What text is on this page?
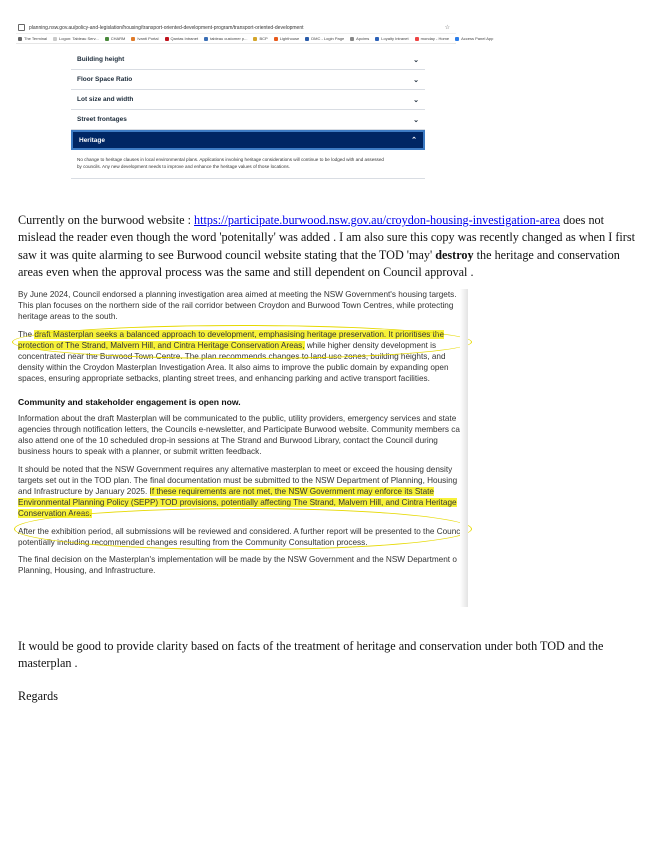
planning.nsw.gov.au/policy-and-legislation/housing/transport-oriented-development-program/transport-oriented-development	☆
The Terminal	Logon: Tableau Serv...	CHARM	Ivanti Portal	Qantas Intranet	tableau customer p...	BCP	Lighthouse	DMC - Login Page	Apcims	Loyalty Intranet	monday - Home	Access Panel App
Building height	⌄
Floor Space Ratio	⌄
Lot size and width	⌄
Street frontages	⌄
Heritage	⌃
No change to heritage clauses in local environmental plans. Applications involving heritage considerations will continue to be lodged with and assessed
by councils. Any new development needs to improve and enhance the heritage values of those locations.
Currently on the burwood website : https://participate.burwood.nsw.gov.au/croydon-housing-investigation-area does not mislead the reader even though the word 'potenitally' was added . I am also sure this copy was recently changed as when I first saw it was quite alarming to see Burwood council website stating that the TOD 'may' destroy the heritage and conservation areas even when the approval process was the same and still dependent on Council approval .
By June 2024, Council endorsed a planning investigation area aimed at meeting the NSW Government's housing targets.
This plan focuses on the northern side of the rail corridor between Croydon and Burwood Town Centres, while protecting
heritage areas to the south.
The draft Masterplan seeks a balanced approach to development, emphasising heritage preservation. It prioritises the
protection of The Strand, Malvern Hill, and Cintra Heritage Conservation Areas, while higher density development is
concentrated near the Burwood Town Centre. The plan recommends changes to land use zones, building heights, and
density within the Croydon Masterplan Investigation Area. It also aims to improve the public domain by expanding open
spaces, ensuring appropriate setbacks, planting street trees, and enhancing parking and active transport facilities.
Community and stakeholder engagement is open now.
Information about the draft Masterplan will be communicated to the public, utility providers, emergency services and state
agencies through notification letters, the Councils e-newsletter, and Participate Burwood website. Community members ca
also attend one of the 10 scheduled drop-in sessions at The Strand and Burwood Library, contact the Council during
business hours to speak with a planner, or submit written feedback.
It should be noted that the NSW Government requires any alternative masterplan to meet or exceed the housing density
targets set out in the TOD plan. The final documentation must be submitted to the NSW Department of Planning, Housing
and Infrastructure by January 2025. If these requirements are not met, the NSW Government may enforce its State
Environmental Planning Policy (SEPP) TOD provisions, potentially affecting The Strand, Malvern Hill, and Cintra Heritage
Conservation Areas.
After the exhibition period, all submissions will be reviewed and considered. A further report will be presented to the Counc
potentially including recommended changes resulting from the Community Consultation process.
The final decision on the Masterplan's implementation will be made by the NSW Government and the NSW Department o
Planning, Housing, and Infrastructure.
It would be good to provide clarity based on facts of the treatment of heritage and conservation under both TOD and the masterplan .
Regards
